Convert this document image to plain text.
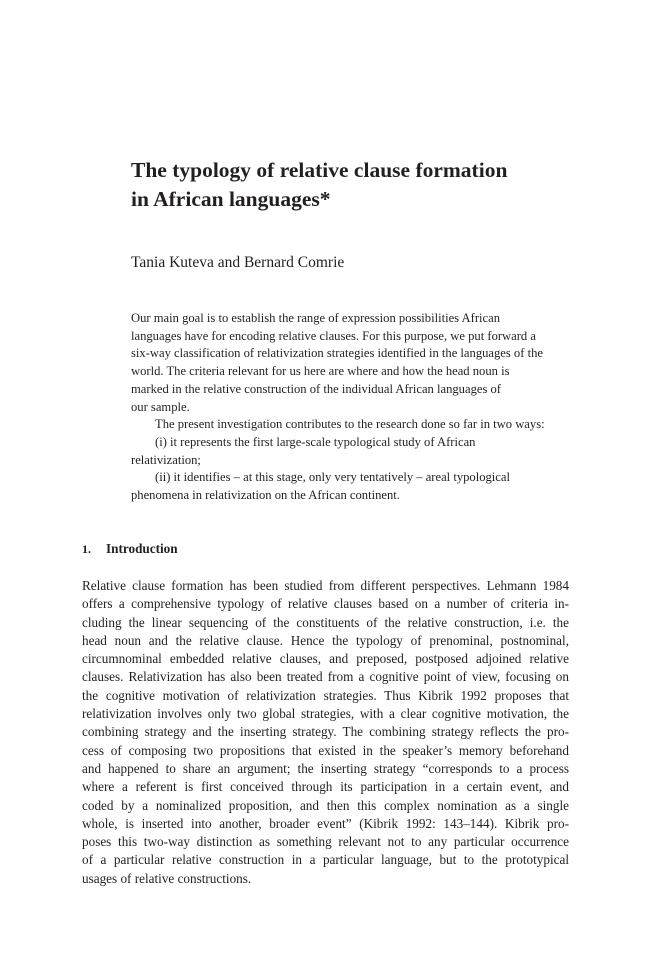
The typology of relative clause formation
in African languages*

Tania Kuteva and Bernard Comrie

Our main goal is to establish the range of expression possibilities African
languages have for encoding relative clauses. For this purpose, we put forward a
six-way classification of relativization strategies identified in the languages of the
world. The criteria relevant for us here are where and how the head noun is
marked in the relative construction of the individual African languages of
our sample.
The present investigation contributes to the research done so far in two ways:
(i) it represents the first large-scale typological study of African
relativization;
(ii) it identifies – at this stage, only very tentatively – areal typological
phenomena in relativization on the African continent.
1. Introduction
Relative clause formation has been studied from different perspectives. Lehmann 1984
offers a comprehensive typology of relative clauses based on a number of criteria in-
cluding the linear sequencing of the constituents of the relative construction, i.e. the
head noun and the relative clause. Hence the typology of prenominal, postnominal,
circumnominal embedded relative clauses, and preposed, postposed adjoined relative
clauses. Relativization has also been treated from a cognitive point of view, focusing on
the cognitive motivation of relativization strategies. Thus Kibrik 1992 proposes that
relativization involves only two global strategies, with a clear cognitive motivation, the
combining strategy and the inserting strategy. The combining strategy reflects the pro-
cess of composing two propositions that existed in the speaker’s memory beforehand
and happened to share an argument; the inserting strategy “corresponds to a process
where a referent is first conceived through its participation in a certain event, and
coded by a nominalized proposition, and then this complex nomination as a single
whole, is inserted into another, broader event” (Kibrik 1992: 143–144). Kibrik pro-
poses this two-way distinction as something relevant not to any particular occurrence
of a particular relative construction in a particular language, but to the prototypical
usages of relative constructions.
